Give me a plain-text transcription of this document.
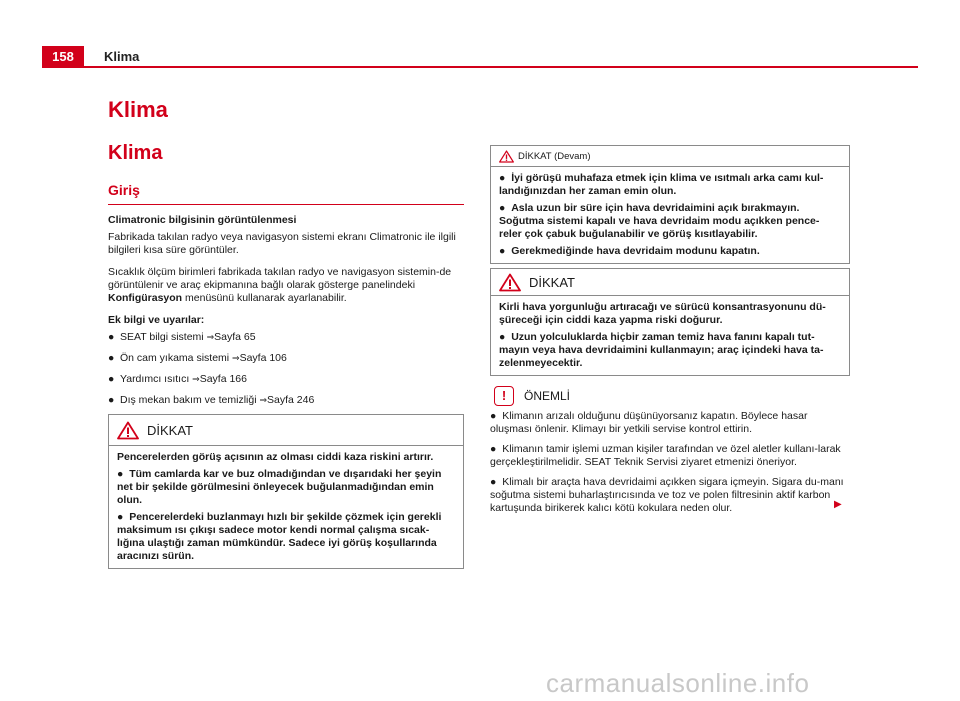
158	Klima
Klima
Klima
Giriş

Climatronic bilgisinin görüntülenmesi

Fabrikada takılan radyo veya navigasyon sistemi ekranı Climatronic ile ilgili bilgileri kısa süre görüntüler.

Sıcaklık ölçüm birimleri fabrikada takılan radyo ve navigasyon sistemin-de görüntülenir ve araç ekipmanına bağlı olarak gösterge panelindeki Konfigürasyon menüsünü kullanarak ayarlanabilir.

Ek bilgi ve uyarılar:

● SEAT bilgi sistemi ⇒Sayfa 65
● Ön cam yıkama sistemi ⇒Sayfa 106
● Yardımcı ısıtıcı ⇒Sayfa 166
● Dış mekan bakım ve temizliği ⇒Sayfa 246
DİKKAT

Pencerelerden görüş açısının az olması ciddi kaza riskini artırır.

● Tüm camlarda kar ve buz olmadığından ve dışarıdaki her şeyin net bir şekilde görülmesini önleyecek buğulanmadığından emin olun.

● Pencerelerdeki buzlanmayı hızlı bir şekilde çözmek için gerekli maksimum ısı çıkışı sadece motor kendi normal çalışma sıcak-lığına ulaştığı zaman mümkündür. Sadece iyi görüş koşullarında aracınızı sürün.

DİKKAT (Devam)

● İyi görüşü muhafaza etmek için klima ve ısıtmalı arka camı kul-landığınızdan her zaman emin olun.

● Asla uzun bir süre için hava devridaimini açık bırakmayın. Soğutma sistemi kapalı ve hava devridaim modu açıkken pence-reler çok çabuk buğulanabilir ve görüş kısıtlayabilir.

● Gerekmediğinde hava devridaim modunu kapatın.

DİKKAT

Kirli hava yorgunluğu artıracağı ve sürücü konsantrasyonunu dü-şüreceği için ciddi kaza yapma riski doğurur.

● Uzun yolculuklarda hiçbir zaman temiz hava fanını kapalı tut-mayın veya hava devridaimini kullanmayın; araç içindeki hava ta-zelenmeyecektir.

!	ÖNEMLİ

● Klimanın arızalı olduğunu düşünüyorsanız kapatın. Böylece hasar oluşması önlenir. Klimayı bir yetkili servise kontrol ettirin.

● Klimanın tamir işlemi uzman kişiler tarafından ve özel aletler kullanı-larak gerçekleştirilmelidir. SEAT Teknik Servisi ziyaret etmenizi öneriyor.

● Klimalı bir araçta hava devridaimi açıkken sigara içmeyin. Sigara du-manı soğutma sistemi buharlaştırıcısında ve toz ve polen filtresinin aktif karbon kartuşunda birikerek kalıcı kötü kokulara neden olur.	▶
carmanualsonline.info
